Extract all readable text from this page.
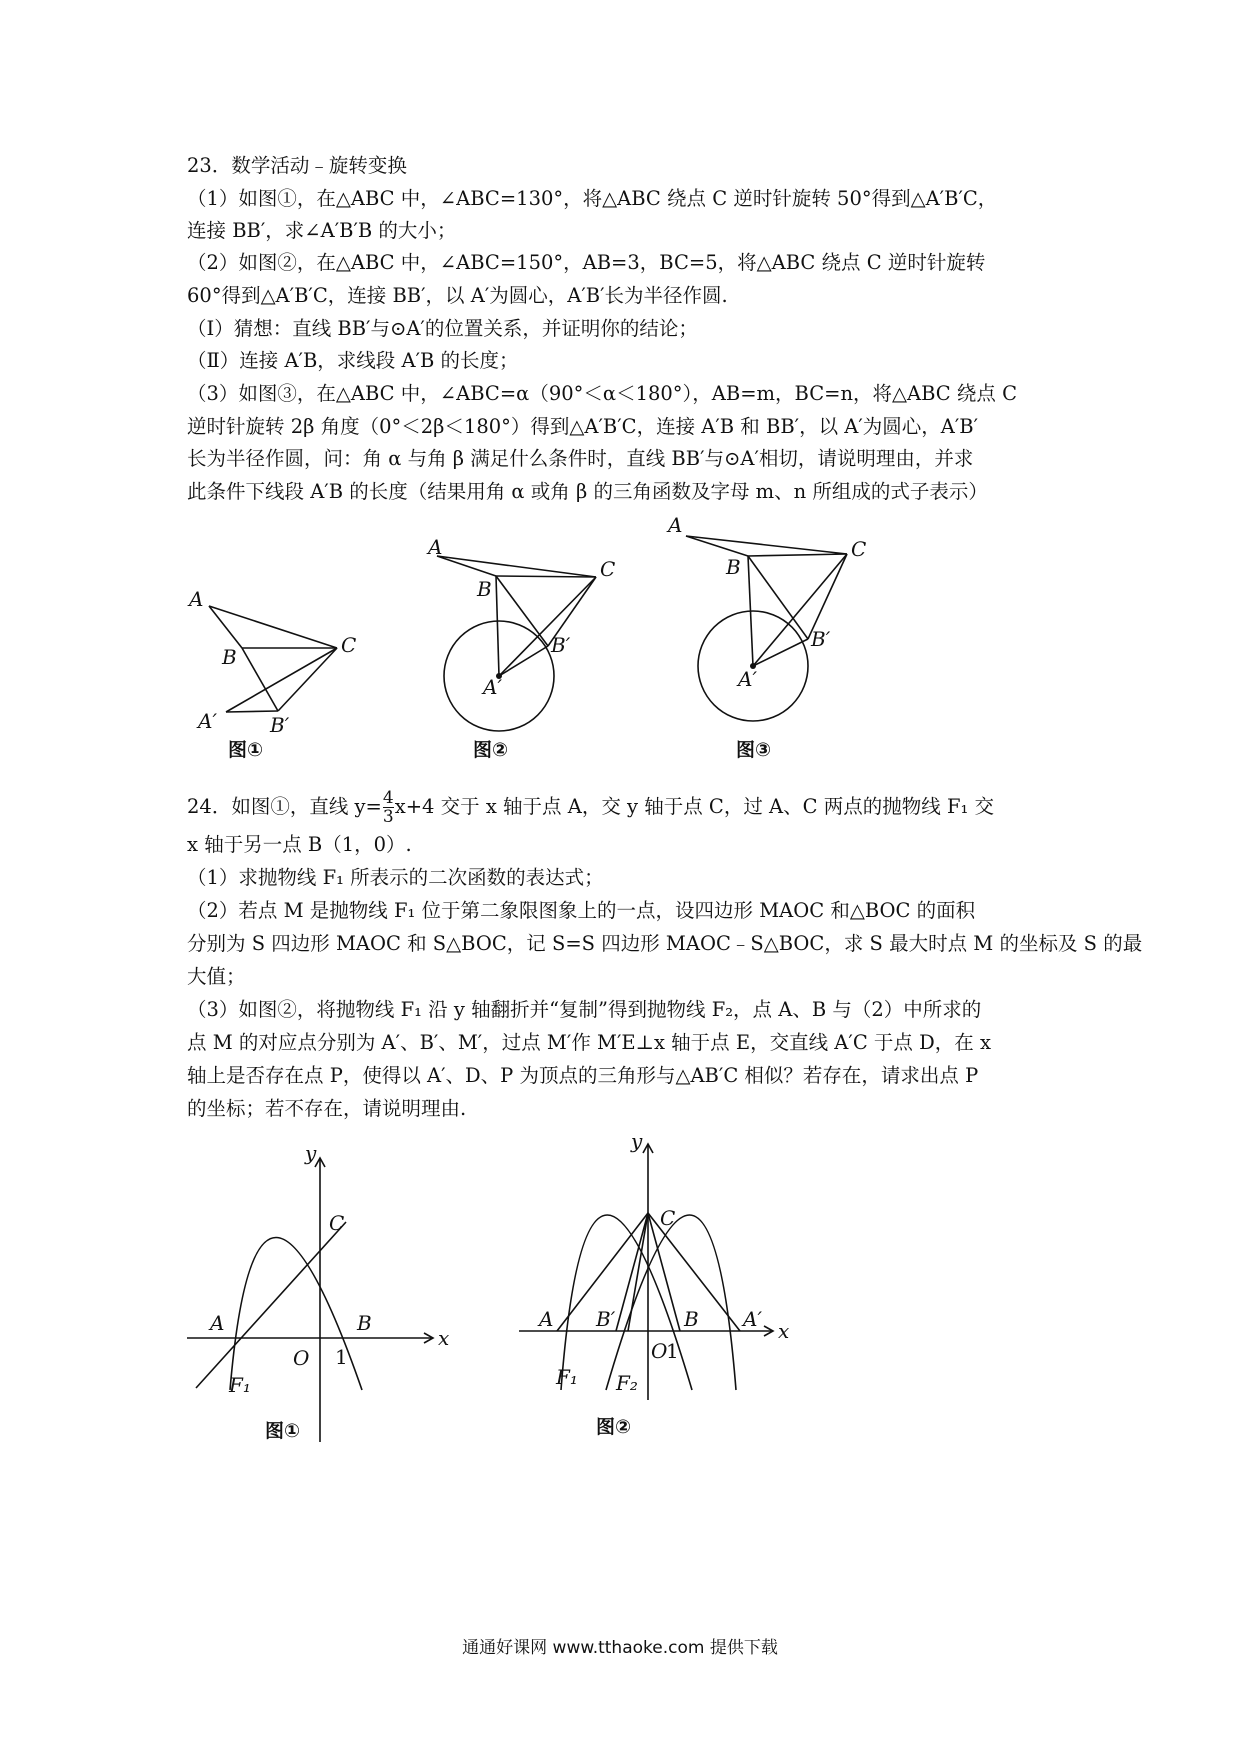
23．数学活动﹣旋转变换
（1）如图①，在△ABC 中，∠ABC=130°，将△ABC 绕点 C 逆时针旋转 50°得到△A′B′C，
连接 BB′，求∠A′B′B 的大小；
（2）如图②，在△ABC 中，∠ABC=150°，AB=3，BC=5，将△ABC 绕点 C 逆时针旋转
60°得到△A′B′C，连接 BB′，以 A′为圆心，A′B′长为半径作圆.
（Ⅰ）猜想：直线 BB′与⊙A′的位置关系，并证明你的结论；
（Ⅱ）连接 A′B，求线段 A′B 的长度；
（3）如图③，在△ABC 中，∠ABC=α（90°＜α＜180°），AB=m，BC=n，将△ABC 绕点 C
逆时针旋转 2β 角度（0°＜2β＜180°）得到△A′B′C，连接 A′B 和 BB′，以 A′为圆心，A′B′
长为半径作圆，问：角 α 与角 β 满足什么条件时，直线 BB′与⊙A′相切，请说明理由，并求
此条件下线段 A′B 的长度（结果用角 α 或角 β 的三角函数及字母 m、n 所组成的式子表示）
A
B	C
A′	B′
图①
A
B
C
A′
B′
图②
A
B
C
A′
B′
图③
24．如图①，直线 $y= \frac{4}{3} x+4$ 交于 x 轴于点 A，交 y 轴于点 C，过 A、C 两点的抛物线 F₁ 交
x 轴于另一点 B（1，0）.
（1）求抛物线 F₁ 所表示的二次函数的表达式；
（2）若点 M 是抛物线 F₁ 位于第二象限图象上的一点，设四边形 MAOC 和△BOC 的面积
分别为 S 四边形 MAOC 和 S△BOC，记 S=S 四边形 MAOC﹣S△BOC，求 S 最大时点 M 的坐标及 S 的最
大值；
（3）如图②，将抛物线 F₁ 沿 y 轴翻折并“复制”得到抛物线 F₂，点 A、B 与（2）中所求的
点 M 的对应点分别为 A′、B′、M′，过点 M′作 M′E⊥x 轴于点 E，交直线 A′C 于点 D，在 x
轴上是否存在点 P，使得以 A′、D、P 为顶点的三角形与△AB′C 相似？若存在，请求出点 P
的坐标；若不存在，请说明理由.
y
x
C
A
O
B
1
F₁
图①
y
x
C
A B′
O
1
B A′
F₁ F₂
图②
通通好课网 www.tthaoke.com 提供下载
